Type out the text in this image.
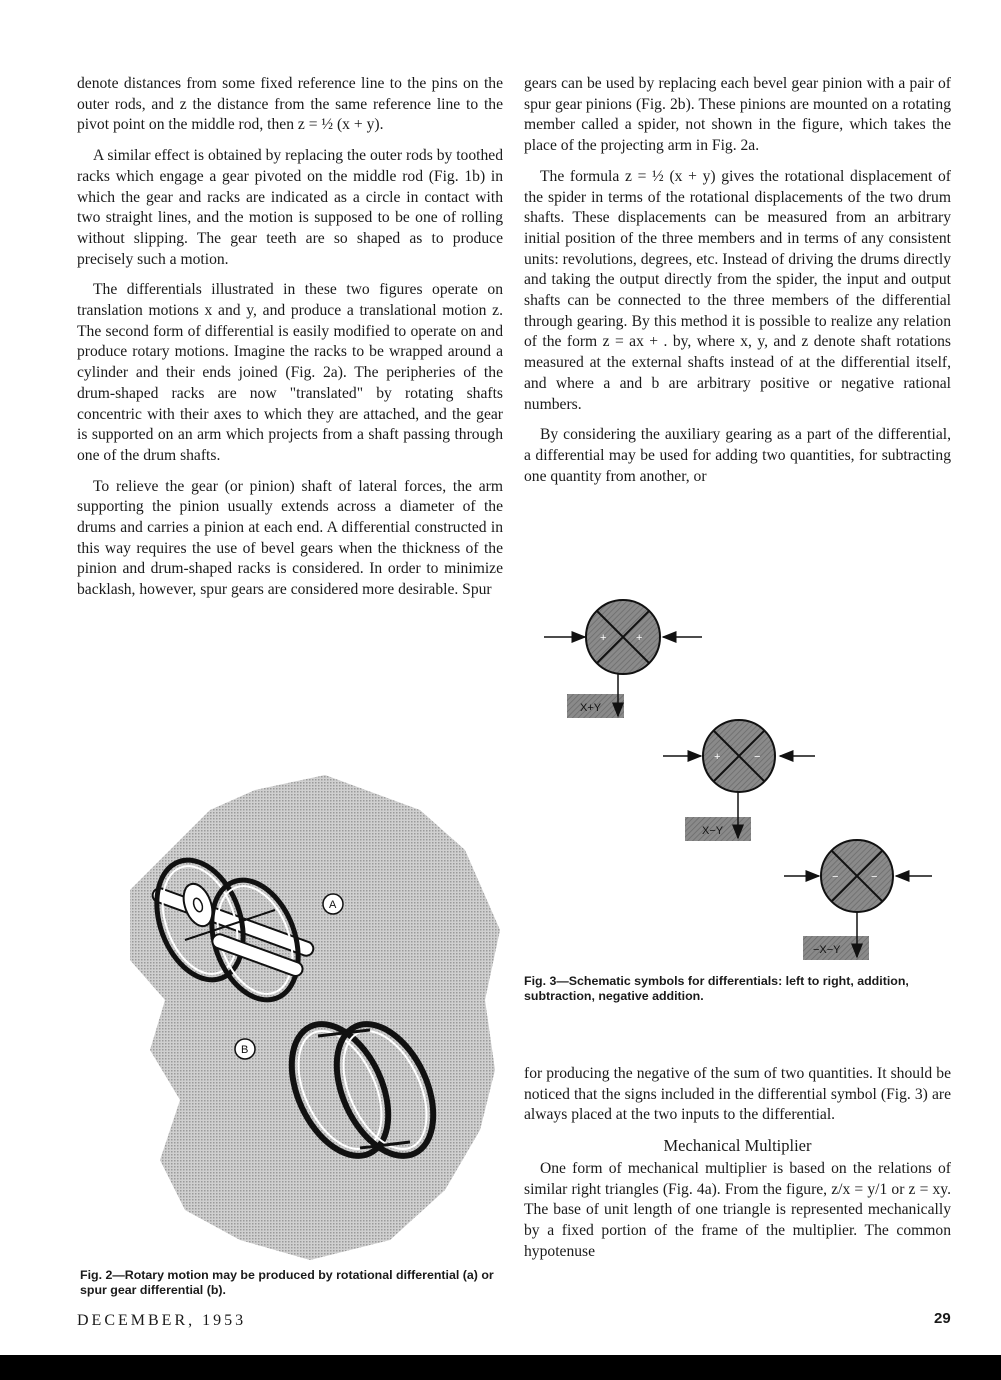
denote distances from some fixed reference line to the pins on the outer rods, and z the distance from the same reference line to the pivot point on the middle rod, then z = ½ (x + y).

A similar effect is obtained by replacing the outer rods by toothed racks which engage a gear pivoted on the middle rod (Fig. 1b) in which the gear and racks are indicated as a circle in contact with two straight lines, and the motion is supposed to be one of rolling without slipping. The gear teeth are so shaped as to produce precisely such a motion.

The differentials illustrated in these two figures operate on translation motions x and y, and produce a translational motion z. The second form of differential is easily modified to operate on and produce rotary motions. Imagine the racks to be wrapped around a cylinder and their ends joined (Fig. 2a). The peripheries of the drum-shaped racks are now "translated" by rotating shafts concentric with their axes to which they are attached, and the gear is supported on an arm which projects from a shaft passing through one of the drum shafts.

To relieve the gear (or pinion) shaft of lateral forces, the arm supporting the pinion usually extends across a diameter of the drums and carries a pinion at each end. A differential constructed in this way requires the use of bevel gears when the thickness of the pinion and drum-shaped racks is considered. In order to minimize backlash, however, spur gears are considered more desirable. Spur

gears can be used by replacing each bevel gear pinion with a pair of spur gear pinions (Fig. 2b). These pinions are mounted on a rotating member called a spider, not shown in the figure, which takes the place of the projecting arm in Fig. 2a.

The formula z = ½ (x + y) gives the rotational displacement of the spider in terms of the rotational displacements of the two drum shafts. These displacements can be measured from an arbitrary initial position of the three members and in terms of any consistent units: revolutions, degrees, etc. Instead of driving the drums directly and taking the output directly from the spider, the input and output shafts can be connected to the three members of the differential through gearing. By this method it is possible to realize any relation of the form z = ax + . by, where x, y, and z denote shaft rotations measured at the external shafts instead of at the differential itself, and where a and b are arbitrary positive or negative rational numbers.

By considering the auxiliary gearing as a part of the differential, a differential may be used for adding two quantities, for subtracting one quantity from another, or

+	+
X+Y
+	−
X−Y
−	−
−X−Y
Fig. 3—Schematic symbols for differentials: left to right, addition, subtraction, negative addition.
A
B
Fig. 2—Rotary motion may be produced by rotational differential (a) or spur gear differential (b).

for producing the negative of the sum of two quantities. It should be noticed that the signs included in the differential symbol (Fig. 3) are always placed at the two inputs to the differential.

Mechanical Multiplier

One form of mechanical multiplier is based on the relations of similar right triangles (Fig. 4a). From the figure, z/x = y/1 or z = xy. The base of unit length of one triangle is represented mechanically by a fixed portion of the frame of the multiplier. The common hypotenuse

DECEMBER, 1953	29
